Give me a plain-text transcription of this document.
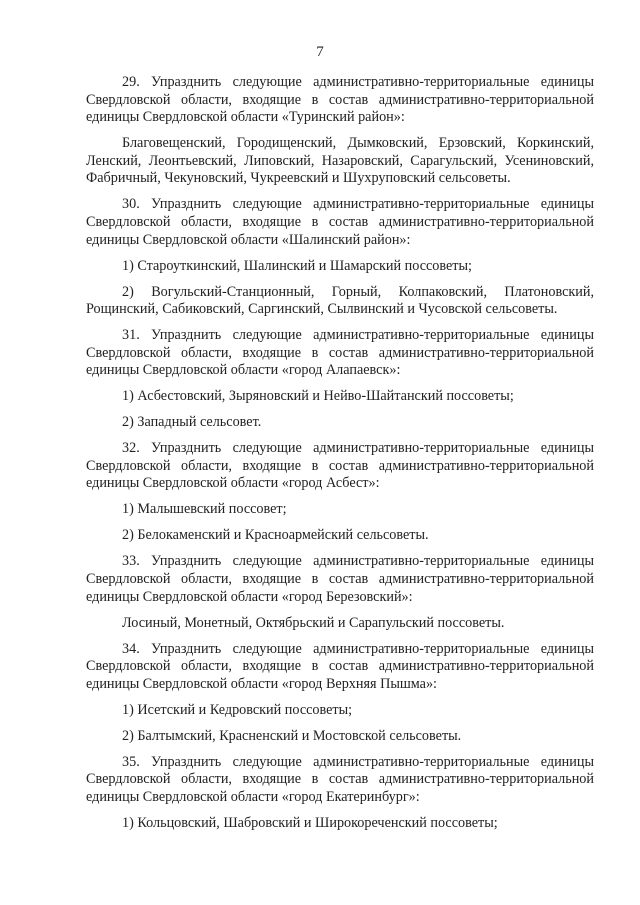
7

29. Упразднить следующие административно-территориальные единицы Свердловской области, входящие в состав административно-территориальной единицы Свердловской области «Туринский район»:

Благовещенский, Городищенский, Дымковский, Ерзовский, Коркинский, Ленский, Леонтьевский, Липовский, Назаровский, Сарагульский, Усениновский, Фабричный, Чекуновский, Чукреевский и Шухруповский сельсоветы.

30. Упразднить следующие административно-территориальные единицы Свердловской области, входящие в состав административно-территориальной единицы Свердловской области «Шалинский район»:

1) Староуткинский, Шалинский и Шамарский поссоветы;

2) Вогульский-Станционный, Горный, Колпаковский, Платоновский, Рощинский, Сабиковский, Саргинский, Сылвинский и Чусовской сельсоветы.

31. Упразднить следующие административно-территориальные единицы Свердловской области, входящие в состав административно-территориальной единицы Свердловской области «город Алапаевск»:

1) Асбестовский, Зыряновский и Нейво-Шайтанский поссоветы;

2) Западный сельсовет.

32. Упразднить следующие административно-территориальные единицы Свердловской области, входящие в состав административно-территориальной единицы Свердловской области «город Асбест»:

1) Малышевский поссовет;

2) Белокаменский и Красноармейский сельсоветы.

33. Упразднить следующие административно-территориальные единицы Свердловской области, входящие в состав административно-территориальной единицы Свердловской области «город Березовский»:

Лосиный, Монетный, Октябрьский и Сарапульский поссоветы.

34. Упразднить следующие административно-территориальные единицы Свердловской области, входящие в состав административно-территориальной единицы Свердловской области «город Верхняя Пышма»:

1) Исетский и Кедровский поссоветы;

2) Балтымский, Красненский и Мостовской сельсоветы.

35. Упразднить следующие административно-территориальные единицы Свердловской области, входящие в состав административно-территориальной единицы Свердловской области «город Екатеринбург»:

1) Кольцовский, Шабровский и Широкореченский поссоветы;
